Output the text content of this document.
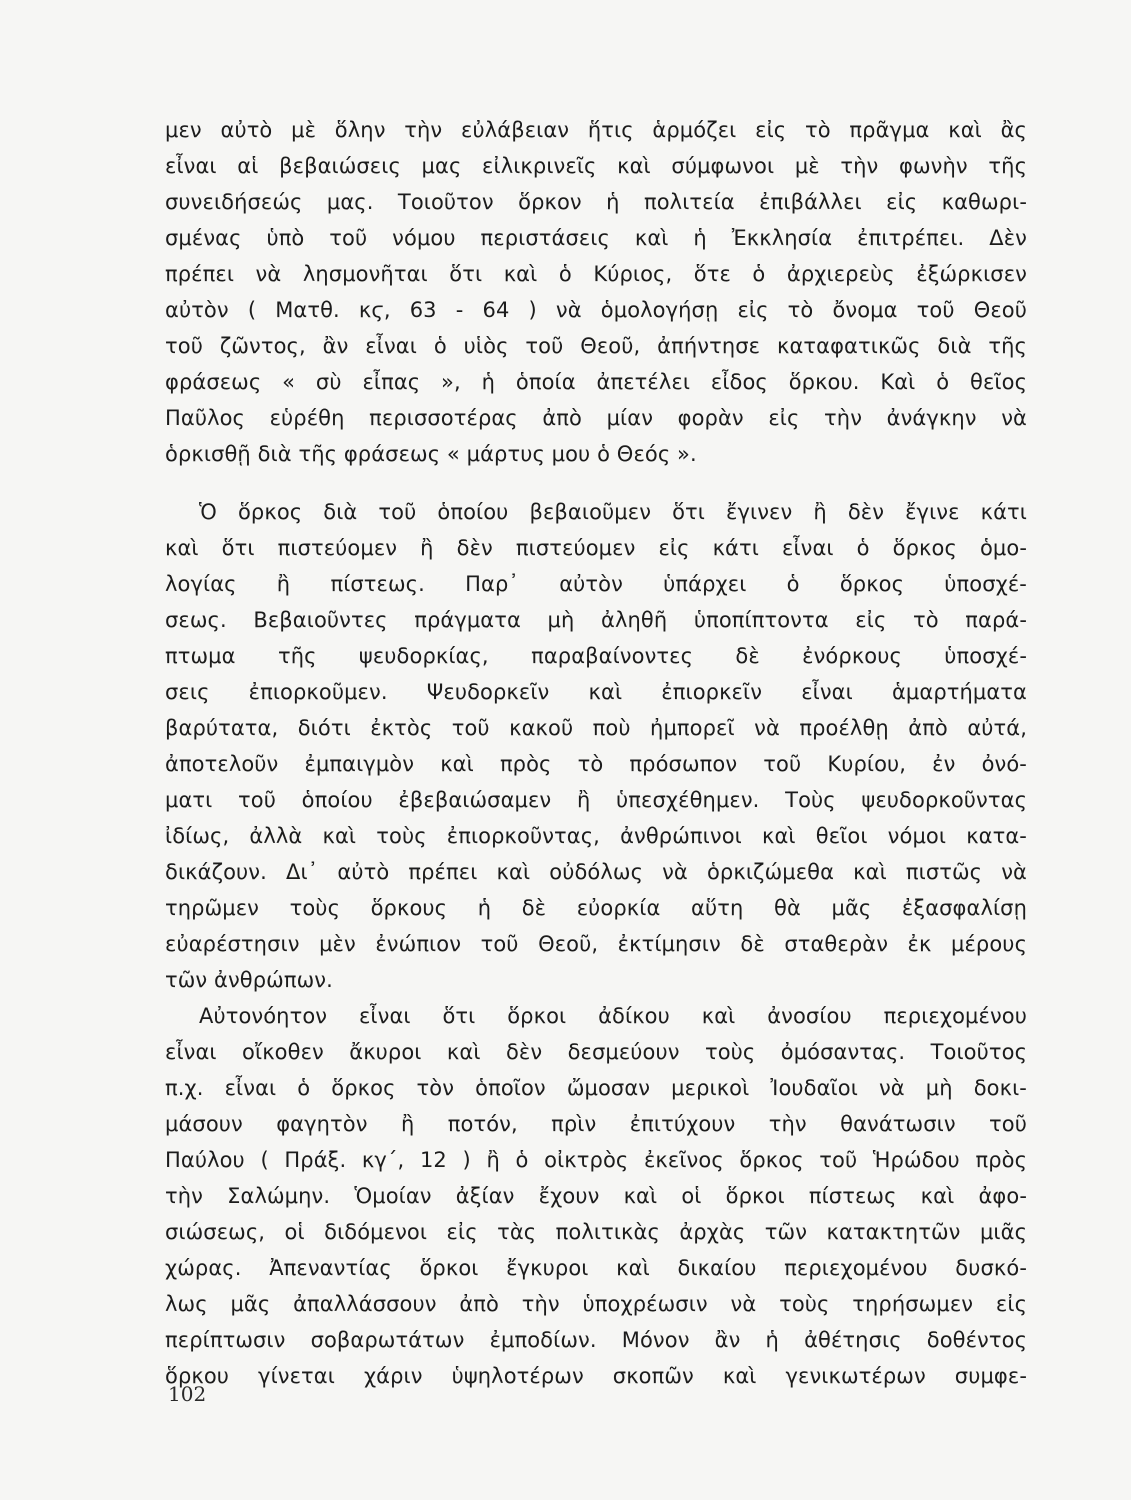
μεν αὐτὸ μὲ ὅλην τὴν εὐλάβειαν ἥτις ἁρμόζει εἰς τὸ πρᾶγμα καὶ ἂς
εἶναι αἱ βεβαιώσεις μας εἰλικρινεῖς καὶ σύμφωνοι μὲ τὴν φωνὴν τῆς
συνειδήσεώς μας. Τοιοῦτον ὅρκον ἡ πολιτεία ἐπιβάλλει εἰς καθωρι-
σμένας ὑπὸ τοῦ νόμου περιστάσεις καὶ ἡ Ἐκκλησία ἐπιτρέπει. Δὲν
πρέπει νὰ λησμονῆται ὅτι καὶ ὁ Κύριος, ὅτε ὁ ἀρχιερεὺς ἐξώρκισεν
αὐτὸν ( Ματθ. κϛ, 63 - 64 ) νὰ ὁμολογήσῃ εἰς τὸ ὄνομα τοῦ Θεοῦ
τοῦ ζῶντος, ἂν εἶναι ὁ υἱὸς τοῦ Θεοῦ, ἀπήντησε καταφατικῶς διὰ τῆς
φράσεως « σὺ εἶπας », ἡ ὁποία ἀπετέλει εἶδος ὅρκου. Καὶ ὁ θεῖος
Παῦλος εὑρέθη περισσοτέρας ἀπὸ μίαν φορὰν εἰς τὴν ἀνάγκην νὰ
ὁρκισθῇ διὰ τῆς φράσεως « μάρτυς μου ὁ Θεός ».
Ὁ ὅρκος διὰ τοῦ ὁποίου βεβαιοῦμεν ὅτι ἔγινεν ἢ δὲν ἔγινε κάτι
καὶ ὅτι πιστεύομεν ἢ δὲν πιστεύομεν εἰς κάτι εἶναι ὁ ὅρκος ὁμο-
λογίας ἢ πίστεως. Παρ᾽ αὐτὸν ὑπάρχει ὁ ὅρκος ὑποσχέ-
σεως. Βεβαιοῦντες πράγματα μὴ ἀληθῆ ὑποπίπτοντα εἰς τὸ παρά-
πτωμα τῆς ψευδορκίας, παραβαίνοντες δὲ ἐνόρκους ὑποσχέ-
σεις ἐπιορκοῦμεν. Ψευδορκεῖν καὶ ἐπιορκεῖν εἶναι ἁμαρτήματα
βαρύτατα, διότι ἐκτὸς τοῦ κακοῦ ποὺ ἠμπορεῖ νὰ προέλθῃ ἀπὸ αὐτά,
ἀποτελοῦν ἐμπαιγμὸν καὶ πρὸς τὸ πρόσωπον τοῦ Κυρίου, ἐν ὀνό-
ματι τοῦ ὁποίου ἐβεβαιώσαμεν ἢ ὑπεσχέθημεν. Τοὺς ψευδορκοῦντας
ἰδίως, ἀλλὰ καὶ τοὺς ἐπιορκοῦντας, ἀνθρώπινοι καὶ θεῖοι νόμοι κατα-
δικάζουν. Δι᾽ αὐτὸ πρέπει καὶ οὐδόλως νὰ ὁρκιζώμεθα καὶ πιστῶς νὰ
τηρῶμεν τοὺς ὅρκους ἡ δὲ εὐορκία αὕτη θὰ μᾶς ἐξασφαλίσῃ
εὐαρέστησιν μὲν ἐνώπιον τοῦ Θεοῦ, ἐκτίμησιν δὲ σταθερὰν ἐκ μέρους
τῶν ἀνθρώπων.
Αὐτονόητον εἶναι ὅτι ὅρκοι ἀδίκου καὶ ἀνοσίου περιεχομένου
εἶναι οἴκοθεν ἄκυροι καὶ δὲν δεσμεύουν τοὺς ὀμόσαντας. Τοιοῦτος
π.χ. εἶναι ὁ ὅρκος τὸν ὁποῖον ὤμοσαν μερικοὶ Ἰουδαῖοι νὰ μὴ δοκι-
μάσουν φαγητὸν ἢ ποτόν, πρὶν ἐπιτύχουν τὴν θανάτωσιν τοῦ
Παύλου ( Πράξ. κγ΄, 12 ) ἢ ὁ οἰκτρὸς ἐκεῖνος ὅρκος τοῦ Ἡρώδου πρὸς
τὴν Σαλώμην. Ὁμοίαν ἀξίαν ἔχουν καὶ οἱ ὅρκοι πίστεως καὶ ἀφο-
σιώσεως, οἱ διδόμενοι εἰς τὰς πολιτικὰς ἀρχὰς τῶν κατακτητῶν μιᾶς
χώρας. Ἀπεναντίας ὅρκοι ἔγκυροι καὶ δικαίου περιεχομένου δυσκό-
λως μᾶς ἀπαλλάσσουν ἀπὸ τὴν ὑποχρέωσιν νὰ τοὺς τηρήσωμεν εἰς
περίπτωσιν σοβαρωτάτων ἐμποδίων. Μόνον ἂν ἡ ἀθέτησις δοθέντος
ὅρκου γίνεται χάριν ὑψηλοτέρων σκοπῶν καὶ γενικωτέρων συμφε-
102
